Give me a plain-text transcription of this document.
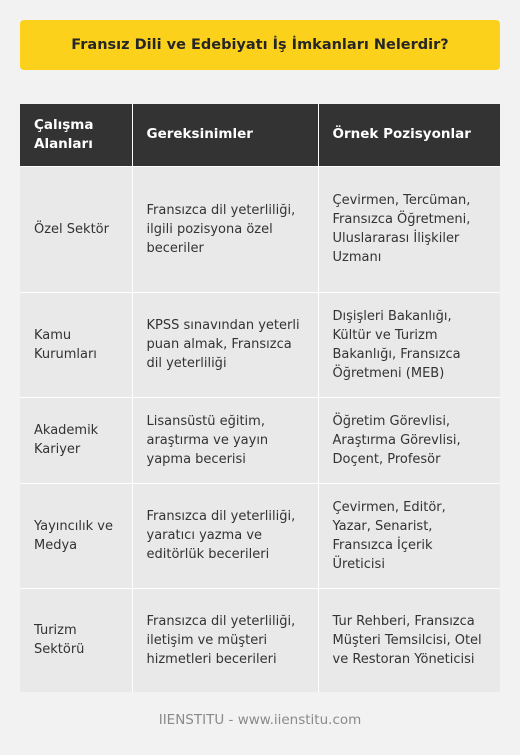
Fransız Dili ve Edebiyatı İş İmkanları Nelerdir?
Çalışma Alanları	Gereksinimler	Örnek Pozisyonlar
Özel Sektör	Fransızca dil yeterliliği, ilgili pozisyona özel beceriler	Çevirmen, Tercüman, Fransızca Öğretmeni, Uluslararası İlişkiler Uzmanı
Kamu Kurumları	KPSS sınavından yeterli puan almak, Fransızca dil yeterliliği	Dışişleri Bakanlığı, Kültür ve Turizm Bakanlığı, Fransızca Öğretmeni (MEB)
Akademik Kariyer	Lisansüstü eğitim, araştırma ve yayın yapma becerisi	Öğretim Görevlisi, Araştırma Görevlisi, Doçent, Profesör
Yayıncılık ve Medya	Fransızca dil yeterliliği, yaratıcı yazma ve editörlük becerileri	Çevirmen, Editör, Yazar, Senarist, Fransızca İçerik Üreticisi
Turizm Sektörü	Fransızca dil yeterliliği, iletişim ve müşteri hizmetleri becerileri	Tur Rehberi, Fransızca Müşteri Temsilcisi, Otel ve Restoran Yöneticisi
IIENSTITU - www.iienstitu.com
